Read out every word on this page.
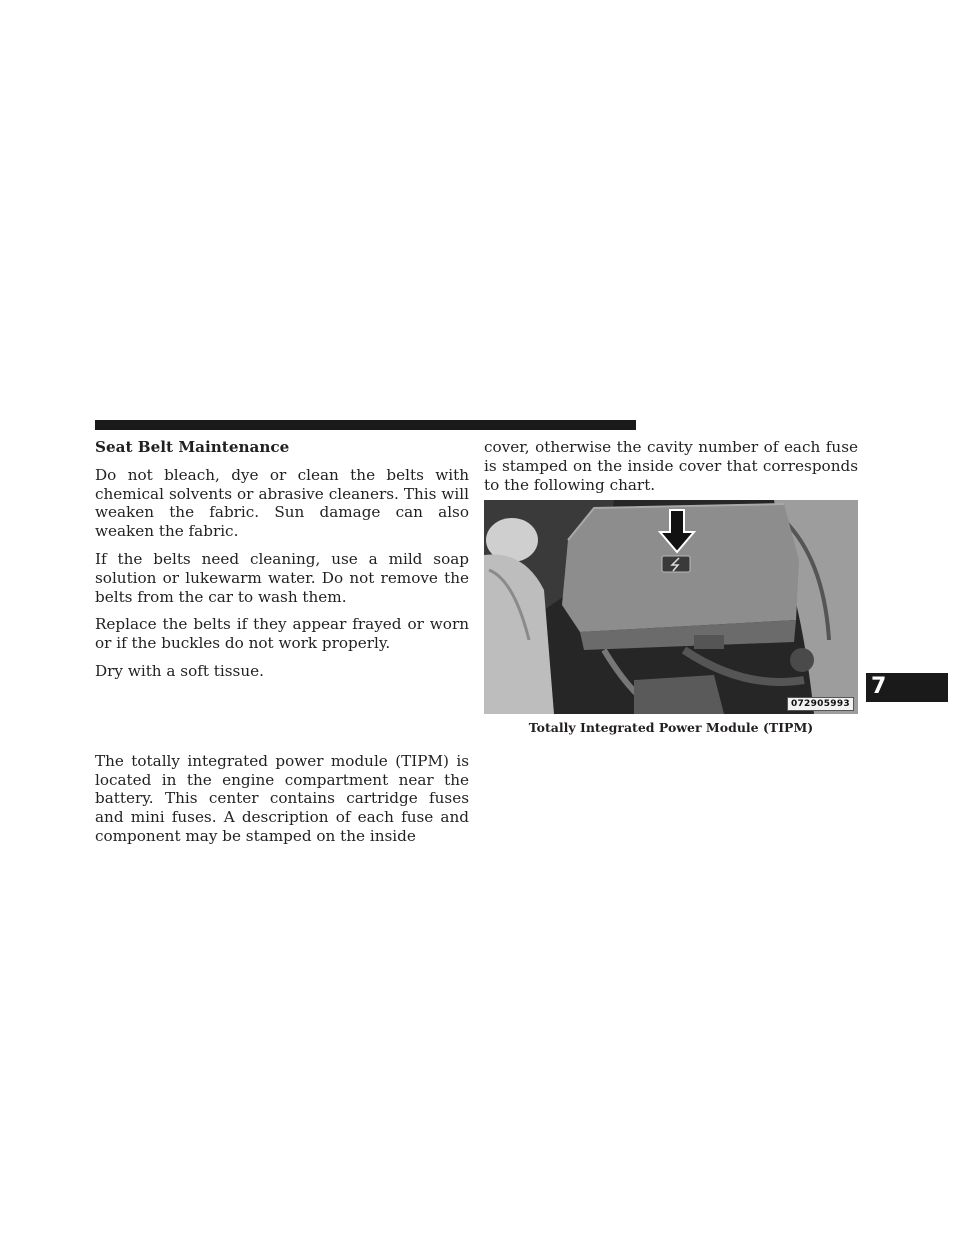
Seat Belt Maintenance

Do not bleach, dye or clean the belts with chemical solvents or abrasive cleaners. This will weaken the fabric. Sun damage can also weaken the fabric.

If the belts need cleaning, use a mild soap solution or lukewarm water. Do not remove the belts from the car to wash them.

Replace the belts if they appear frayed or worn or if the buckles do not work properly.

Dry with a soft tissue.

The totally integrated power module (TIPM) is located in the engine compartment near the battery. This center contains cartridge fuses and mini fuses. A description of each fuse and component may be stamped on the inside

cover, otherwise the cavity number of each fuse is stamped on the inside cover that corresponds to the following chart.

072905993
Totally Integrated Power Module (TIPM)
7
